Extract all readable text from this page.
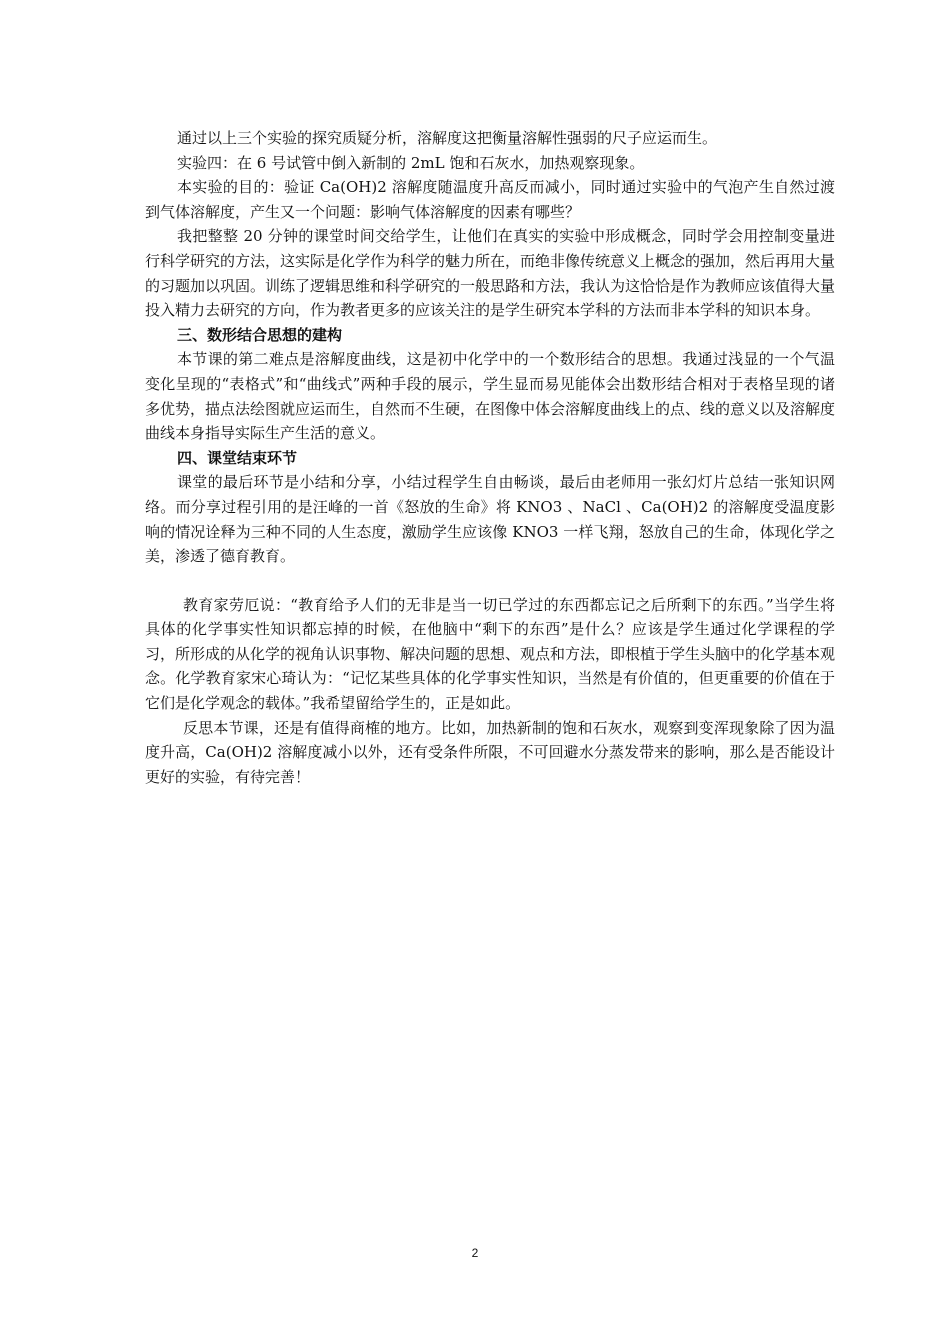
通过以上三个实验的探究质疑分析，溶解度这把衡量溶解性强弱的尺子应运而生。

实验四：在 6 号试管中倒入新制的 2mL 饱和石灰水，加热观察现象。

本实验的目的：验证 Ca(OH)2 溶解度随温度升高反而减小，同时通过实验中的气泡产生自然过渡到气体溶解度，产生又一个问题：影响气体溶解度的因素有哪些？

我把整整 20 分钟的课堂时间交给学生，让他们在真实的实验中形成概念，同时学会用控制变量进行科学研究的方法，这实际是化学作为科学的魅力所在，而绝非像传统意义上概念的强加，然后再用大量的习题加以巩固。训练了逻辑思维和科学研究的一般思路和方法，我认为这恰恰是作为教师应该值得大量投入精力去研究的方向，作为教者更多的应该关注的是学生研究本学科的方法而非本学科的知识本身。

三、数形结合思想的建构

本节课的第二难点是溶解度曲线，这是初中化学中的一个数形结合的思想。我通过浅显的一个气温变化呈现的“表格式”和“曲线式”两种手段的展示，学生显而易见能体会出数形结合相对于表格呈现的诸多优势，描点法绘图就应运而生，自然而不生硬，在图像中体会溶解度曲线上的点、线的意义以及溶解度曲线本身指导实际生产生活的意义。

四、课堂结束环节

课堂的最后环节是小结和分享，小结过程学生自由畅谈，最后由老师用一张幻灯片总结一张知识网络。而分享过程引用的是汪峰的一首《怒放的生命》将 KNO3 、NaCl 、Ca(OH)2 的溶解度受温度影响的情况诠释为三种不同的人生态度，激励学生应该像 KNO3 一样飞翔，怒放自己的生命，体现化学之美，渗透了德育教育。

教育家劳厄说：“教育给予人们的无非是当一切已学过的东西都忘记之后所剩下的东西。”当学生将具体的化学事实性知识都忘掉的时候，在他脑中“剩下的东西”是什么？应该是学生通过化学课程的学习，所形成的从化学的视角认识事物、解决问题的思想、观点和方法，即根植于学生头脑中的化学基本观念。化学教育家宋心琦认为：“记忆某些具体的化学事实性知识，当然是有价值的，但更重要的价值在于它们是化学观念的载体。”我希望留给学生的，正是如此。

反思本节课，还是有值得商榷的地方。比如，加热新制的饱和石灰水，观察到变浑现象除了因为温度升高，Ca(OH)2 溶解度减小以外，还有受条件所限，不可回避水分蒸发带来的影响，那么是否能设计更好的实验，有待完善！

2
